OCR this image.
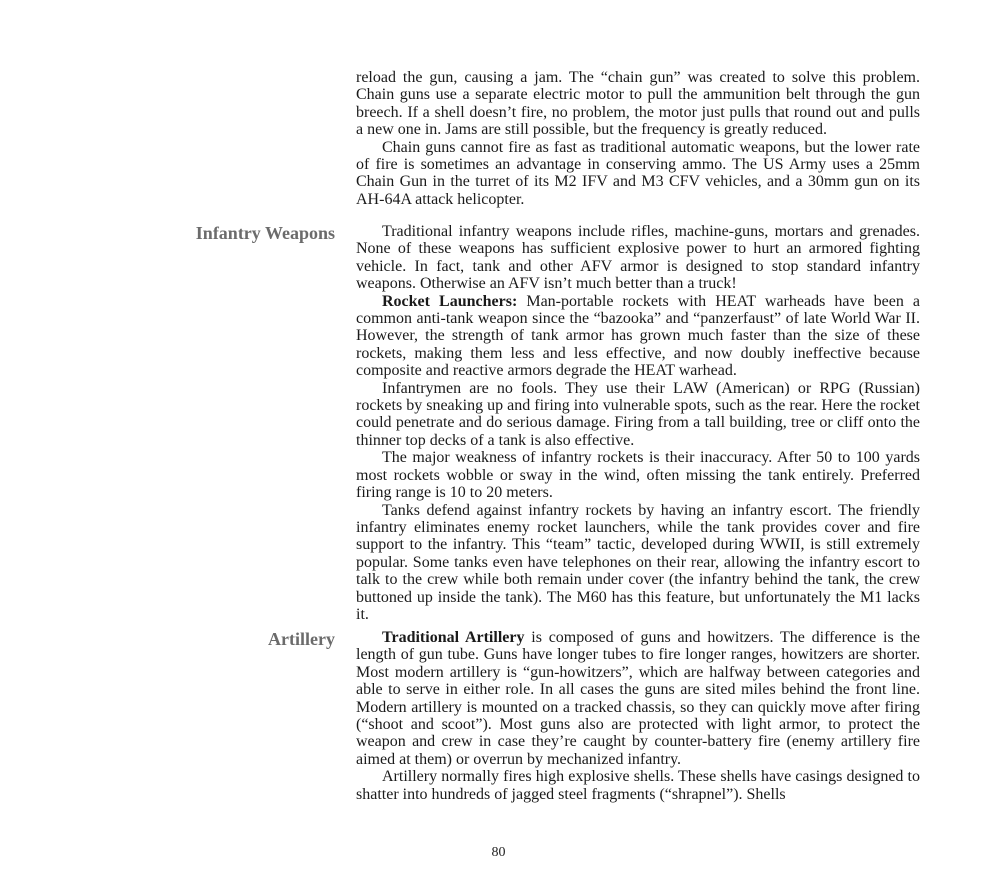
reload the gun, causing a jam. The “chain gun” was created to solve this problem. Chain guns use a separate electric motor to pull the ammunition belt through the gun breech. If a shell doesn’t fire, no problem, the motor just pulls that round out and pulls a new one in. Jams are still possible, but the frequency is greatly reduced.

Chain guns cannot fire as fast as traditional automatic weapons, but the lower rate of fire is sometimes an advantage in conserving ammo. The US Army uses a 25mm Chain Gun in the turret of its M2 IFV and M3 CFV vehicles, and a 30mm gun on its AH-64A attack helicopter.

Infantry Weapons	Traditional infantry weapons include rifles, machine-guns, mortars and grenades. None of these weapons has sufficient explosive power to hurt an armored fighting vehicle. In fact, tank and other AFV armor is designed to stop standard infantry weapons. Otherwise an AFV isn’t much better than a truck!

Rocket Launchers: Man-portable rockets with HEAT warheads have been a common anti-tank weapon since the “bazooka” and “panzerfaust” of late World War II. However, the strength of tank armor has grown much faster than the size of these rockets, making them less and less effective, and now doubly ineffective because composite and reactive armors degrade the HEAT warhead.

Infantrymen are no fools. They use their LAW (American) or RPG (Russian) rockets by sneaking up and firing into vulnerable spots, such as the rear. Here the rocket could penetrate and do serious damage. Firing from a tall building, tree or cliff onto the thinner top decks of a tank is also effective.

The major weakness of infantry rockets is their inaccuracy. After 50 to 100 yards most rockets wobble or sway in the wind, often missing the tank entirely. Preferred firing range is 10 to 20 meters.

Tanks defend against infantry rockets by having an infantry escort. The friendly infantry eliminates enemy rocket launchers, while the tank provides cover and fire support to the infantry. This “team” tactic, developed during WWII, is still extremely popular. Some tanks even have telephones on their rear, allowing the infantry escort to talk to the crew while both remain under cover (the infantry behind the tank, the crew buttoned up inside the tank). The M60 has this feature, but unfortunately the M1 lacks it.

Artillery	Traditional Artillery is composed of guns and howitzers. The difference is the length of gun tube. Guns have longer tubes to fire longer ranges, howitzers are shorter. Most modern artillery is “gun-howitzers”, which are halfway between categories and able to serve in either role. In all cases the guns are sited miles behind the front line. Modern artillery is mounted on a tracked chassis, so they can quickly move after firing (“shoot and scoot”). Most guns also are protected with light armor, to protect the weapon and crew in case they’re caught by counter-battery fire (enemy artillery fire aimed at them) or overrun by mechanized infantry.

Artillery normally fires high explosive shells. These shells have casings designed to shatter into hundreds of jagged steel fragments (“shrapnel”). Shells

80
